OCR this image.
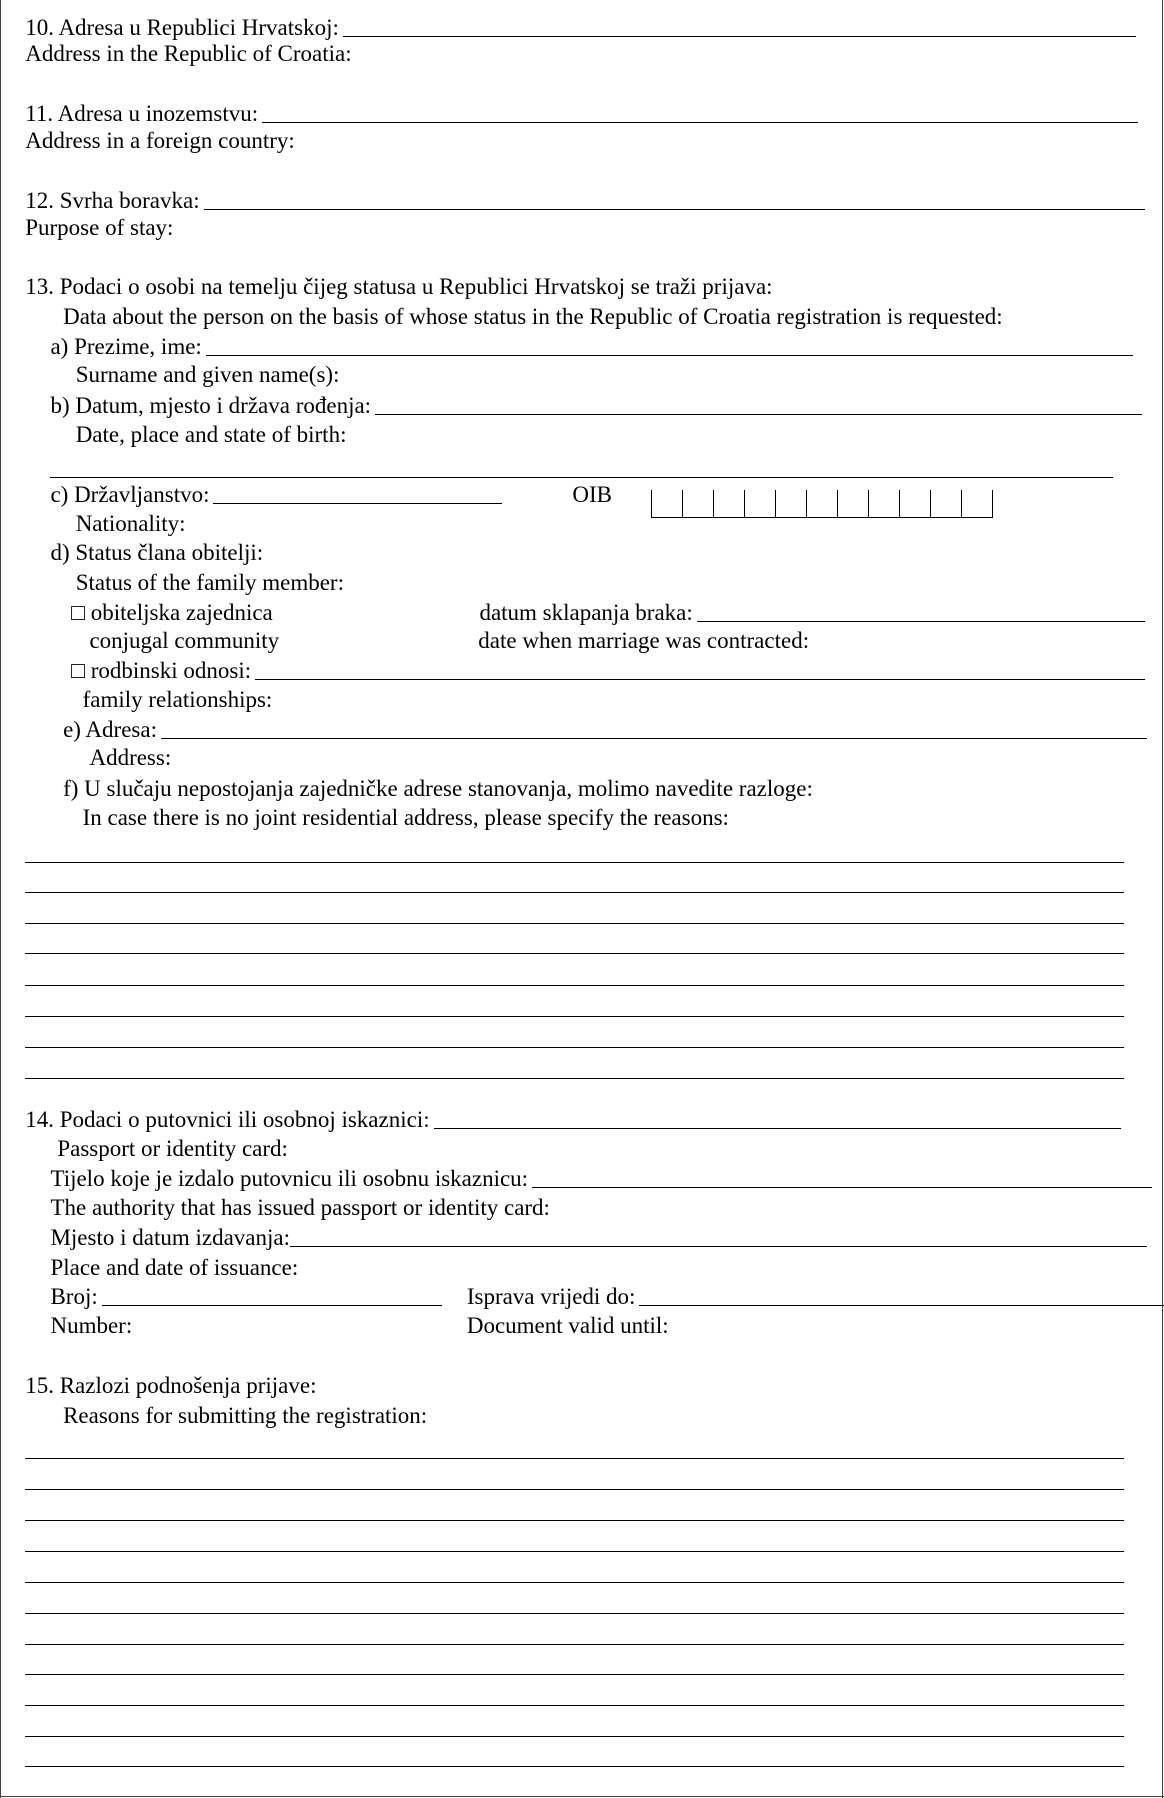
10. Adresa u Republici Hrvatskoj:
Address in the Republic of Croatia:
11. Adresa u inozemstvu:
Address in a foreign country:
12. Svrha boravka:
Purpose of stay:
13. Podaci o osobi na temelju čijeg statusa u Republici Hrvatskoj se traži prijava:
Data about the person on the basis of whose status in the Republic of Croatia registration is requested:
a) Prezime, ime:
Surname and given name(s):
b) Datum, mjesto i država rođenja:
Date, place and state of birth:
c) Državljanstvo:	OIB
Nationality:
d) Status člana obitelji:
Status of the family member:
□ obiteljska zajednica	datum sklapanja braka:
conjugal community	date when marriage was contracted:
□ rodbinski odnosi:
family relationships:
e) Adresa:
Address:
f) U slučaju nepostojanja zajedničke adrese stanovanja, molimo navedite razloge:
In case there is no joint residential address, please specify the reasons:
14. Podaci o putovnici ili osobnoj iskaznici:
Passport or identity card:
Tijelo koje je izdalo putovnicu ili osobnu iskaznicu:
The authority that has issued passport or identity card:
Mjesto i datum izdavanja:
Place and date of issuance:
Broj:	Isprava vrijedi do:
Number:	Document valid until:
15. Razlozi podnošenja prijave:
Reasons for submitting the registration:
